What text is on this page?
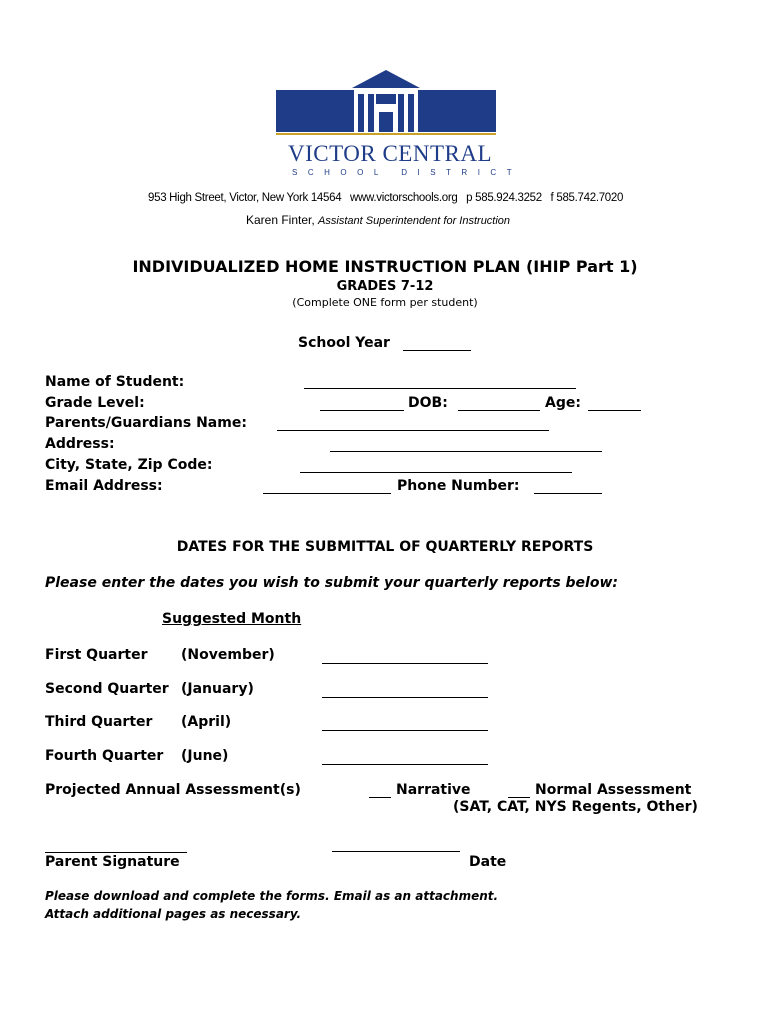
VICTOR CENTRAL
SCHOOL DISTRICT
953 High Street, Victor, New York 14564   www.victorschools.org   p 585.924.3252   f 585.742.7020
Karen Finter, Assistant Superintendent for Instruction
INDIVIDUALIZED HOME INSTRUCTION PLAN (IHIP Part 1)
GRADES 7-12
(Complete ONE form per student)
School Year
Name of Student:
Grade Level:	DOB:	Age:
Parents/Guardians Name:
Address:
City, State, Zip Code:
Email Address:	Phone Number:
DATES FOR THE SUBMITTAL OF QUARTERLY REPORTS
Please enter the dates you wish to submit your quarterly reports below:
Suggested Month
First Quarter (November)
Second Quarter (January)
Third Quarter (April)
Fourth Quarter (June)
Projected Annual Assessment(s)	Narrative	Normal Assessment
(SAT, CAT, NYS Regents, Other)
Parent Signature	Date
Please download and complete the forms. Email as an attachment.
Attach additional pages as necessary.
